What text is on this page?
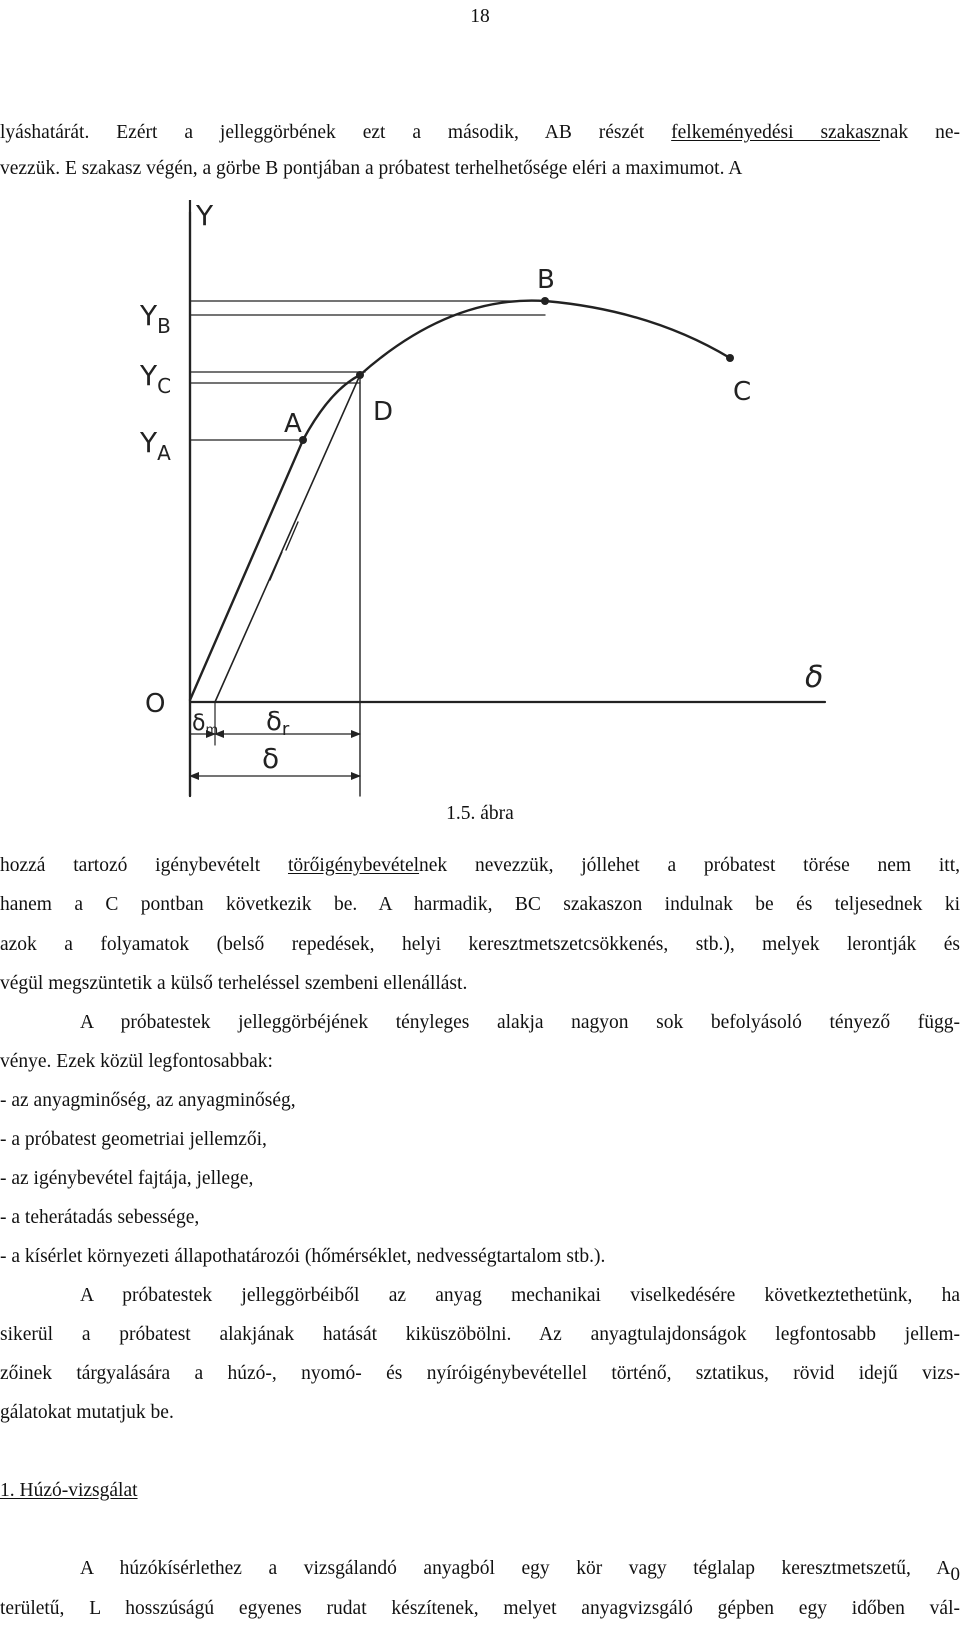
18
lyáshatárát. Ezért a jelleggörbének ezt a második, AB részét felkeményedési szakasznak ne-
vezzük. E szakasz végén, a görbe B pontjában a próbatest terhelhetősége eléri a maximumot. A
Y
$Y_B$
$Y_C$
$Y_A$
O
A	D
B
C
δ
δm δr
δ
1.5. ábra
hozzá tartozó igénybevételt törőigénybevételnek nevezzük, jóllehet a próbatest törése nem itt,
hanem a C pontban következik be. A harmadik, BC szakaszon indulnak be és teljesednek ki
azok a folyamatok (belső repedések, helyi keresztmetszetcsökkenés, stb.), melyek lerontják és
végül megszüntetik a külső terheléssel szembeni ellenállást.
A próbatestek jelleggörbéjének tényleges alakja nagyon sok befolyásoló tényező függ-
vénye. Ezek közül legfontosabbak:
- az anyagminőség, az anyagminőség,
- a próbatest geometriai jellemzői,
- az igénybevétel fajtája, jellege,
- a teherátadás sebessége,
- a kísérlet környezeti állapothatározói (hőmérséklet, nedvességtartalom stb.).
A próbatestek jelleggörbéiből az anyag mechanikai viselkedésére következtethetünk, ha
sikerül a próbatest alakjának hatását kiküszöbölni. Az anyagtulajdonságok legfontosabb jellem-
zőinek tárgyalására a húzó-, nyomó- és nyíróigénybevétellel történő, sztatikus, rövid idejű vizs-
gálatokat mutatjuk be.
1. Húzó-vizsgálat
A húzókísérlethez a vizsgálandó anyagból egy kör vagy téglalap keresztmetszetű, $A_0$
területű, L hosszúságú egyenes rudat készítenek, melyet anyagvizsgáló gépben egy időben vál-
